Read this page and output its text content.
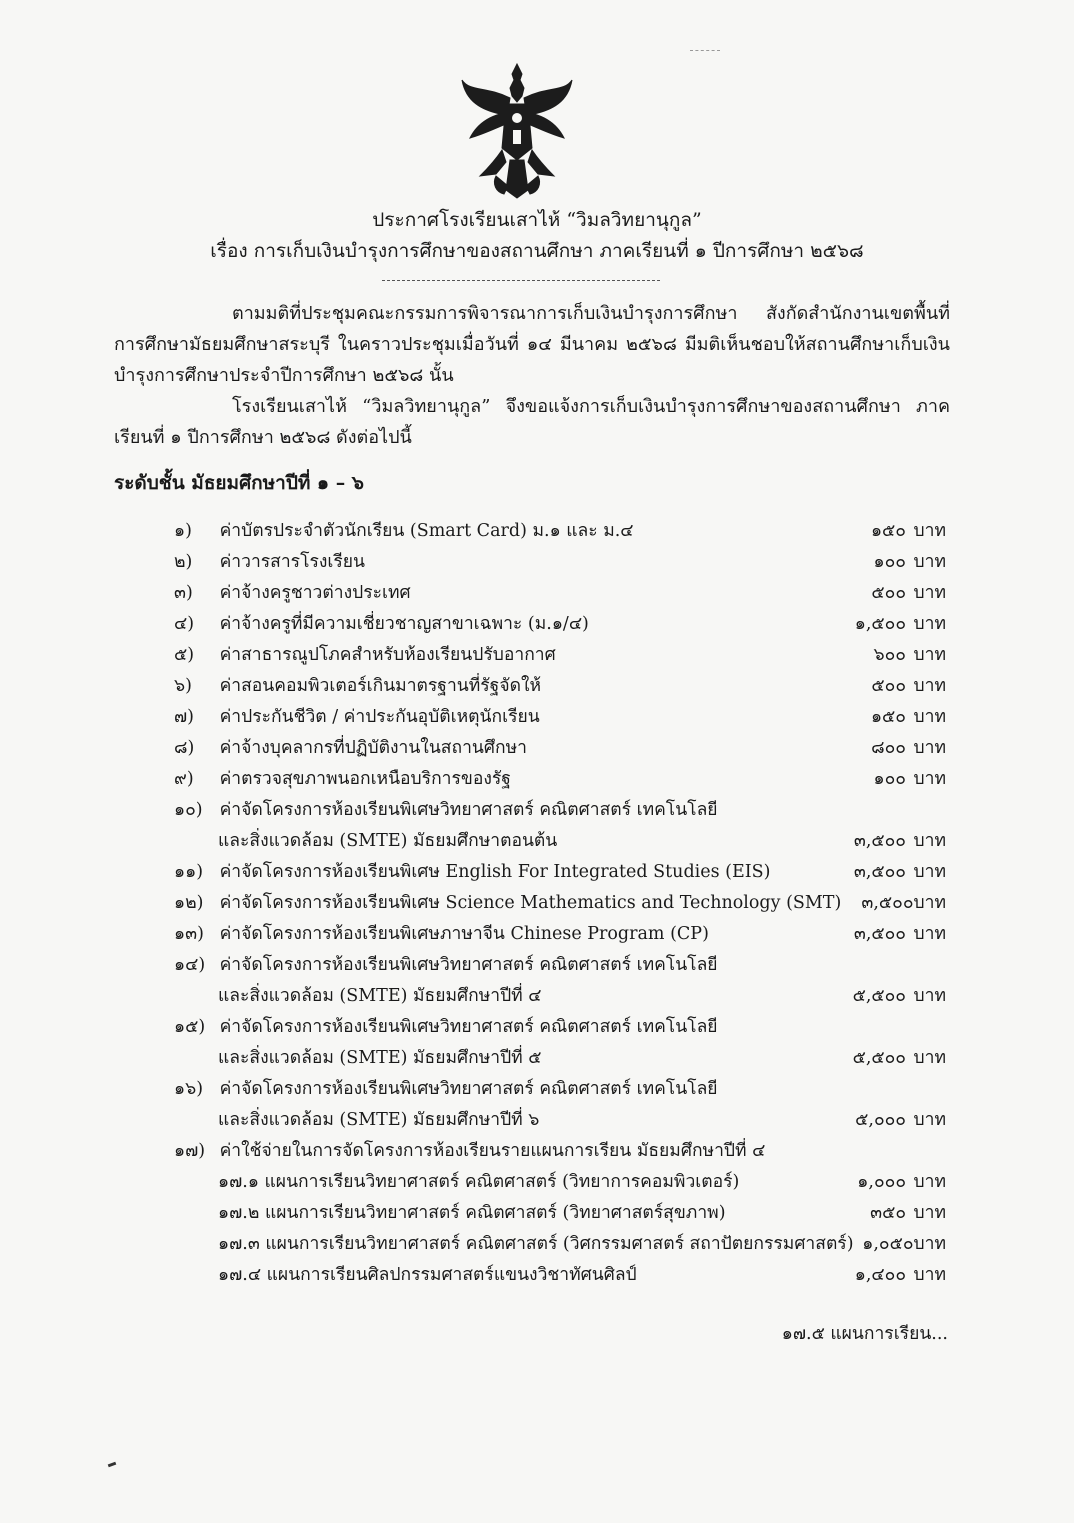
ประกาศโรงเรียนเสาไห้ “วิมลวิทยานุกูล”
เรื่อง การเก็บเงินบำรุงการศึกษาของสถานศึกษา ภาคเรียนที่ ๑ ปีการศึกษา ๒๕๖๘
ตามมติที่ประชุมคณะกรรมการพิจารณาการเก็บเงินบำรุงการศึกษา สังกัดสำนักงานเขตพื้นที่การศึกษามัธยมศึกษาสระบุรี ในคราวประชุมเมื่อวันที่ ๑๔ มีนาคม ๒๕๖๘ มีมติเห็นชอบให้สถานศึกษาเก็บเงินบำรุงการศึกษาประจำปีการศึกษา ๒๕๖๘ นั้น
โรงเรียนเสาไห้ “วิมลวิทยานุกูล” จึงขอแจ้งการเก็บเงินบำรุงการศึกษาของสถานศึกษา ภาคเรียนที่ ๑ ปีการศึกษา ๒๕๖๘ ดังต่อไปนี้
ระดับชั้น มัธยมศึกษาปีที่ ๑ – ๖
๑) ค่าบัตรประจำตัวนักเรียน (Smart Card) ม.๑ และ ม.๔	๑๕๐ บาท
๒) ค่าวารสารโรงเรียน	๑๐๐ บาท
๓) ค่าจ้างครูชาวต่างประเทศ	๕๐๐ บาท
๔) ค่าจ้างครูที่มีความเชี่ยวชาญสาขาเฉพาะ (ม.๑/๔)	๑,๕๐๐ บาท
๕) ค่าสาธารณูปโภคสำหรับห้องเรียนปรับอากาศ	๖๐๐ บาท
๖) ค่าสอนคอมพิวเตอร์เกินมาตรฐานที่รัฐจัดให้	๕๐๐ บาท
๗) ค่าประกันชีวิต / ค่าประกันอุบัติเหตุนักเรียน	๑๕๐ บาท
๘) ค่าจ้างบุคลากรที่ปฏิบัติงานในสถานศึกษา	๘๐๐ บาท
๙) ค่าตรวจสุขภาพนอกเหนือบริการของรัฐ	๑๐๐ บาท
๑๐) ค่าจัดโครงการห้องเรียนพิเศษวิทยาศาสตร์ คณิตศาสตร์ เทคโนโลยี
และสิ่งแวดล้อม (SMTE) มัธยมศึกษาตอนต้น	๓,๕๐๐ บาท
๑๑) ค่าจัดโครงการห้องเรียนพิเศษ English For Integrated Studies (EIS)	๓,๕๐๐ บาท
๑๒) ค่าจัดโครงการห้องเรียนพิเศษ Science Mathematics and Technology (SMT)	๓,๕๐๐ บาท
๑๓) ค่าจัดโครงการห้องเรียนพิเศษภาษาจีน Chinese Program (CP)	๓,๕๐๐ บาท
๑๔) ค่าจัดโครงการห้องเรียนพิเศษวิทยาศาสตร์ คณิตศาสตร์ เทคโนโลยี
และสิ่งแวดล้อม (SMTE) มัธยมศึกษาปีที่ ๔	๕,๕๐๐ บาท
๑๕) ค่าจัดโครงการห้องเรียนพิเศษวิทยาศาสตร์ คณิตศาสตร์ เทคโนโลยี
และสิ่งแวดล้อม (SMTE) มัธยมศึกษาปีที่ ๕	๕,๕๐๐ บาท
๑๖) ค่าจัดโครงการห้องเรียนพิเศษวิทยาศาสตร์ คณิตศาสตร์ เทคโนโลยี
และสิ่งแวดล้อม (SMTE) มัธยมศึกษาปีที่ ๖	๕,๐๐๐ บาท
๑๗) ค่าใช้จ่ายในการจัดโครงการห้องเรียนรายแผนการเรียน มัธยมศึกษาปีที่ ๔
๑๗.๑ แผนการเรียนวิทยาศาสตร์ คณิตศาสตร์ (วิทยาการคอมพิวเตอร์)	๑,๐๐๐ บาท
๑๗.๒ แผนการเรียนวิทยาศาสตร์ คณิตศาสตร์ (วิทยาศาสตร์สุขภาพ)	๓๕๐ บาท
๑๗.๓ แผนการเรียนวิทยาศาสตร์ คณิตศาสตร์ (วิศกรรมศาสตร์ สถาปัตยกรรมศาสตร์) ๑,๐๕๐ บาท
๑๗.๔ แผนการเรียนศิลปกรรมศาสตร์แขนงวิชาทัศนศิลป์	๑,๔๐๐ บาท
๑๗.๕ แผนการเรียน...
